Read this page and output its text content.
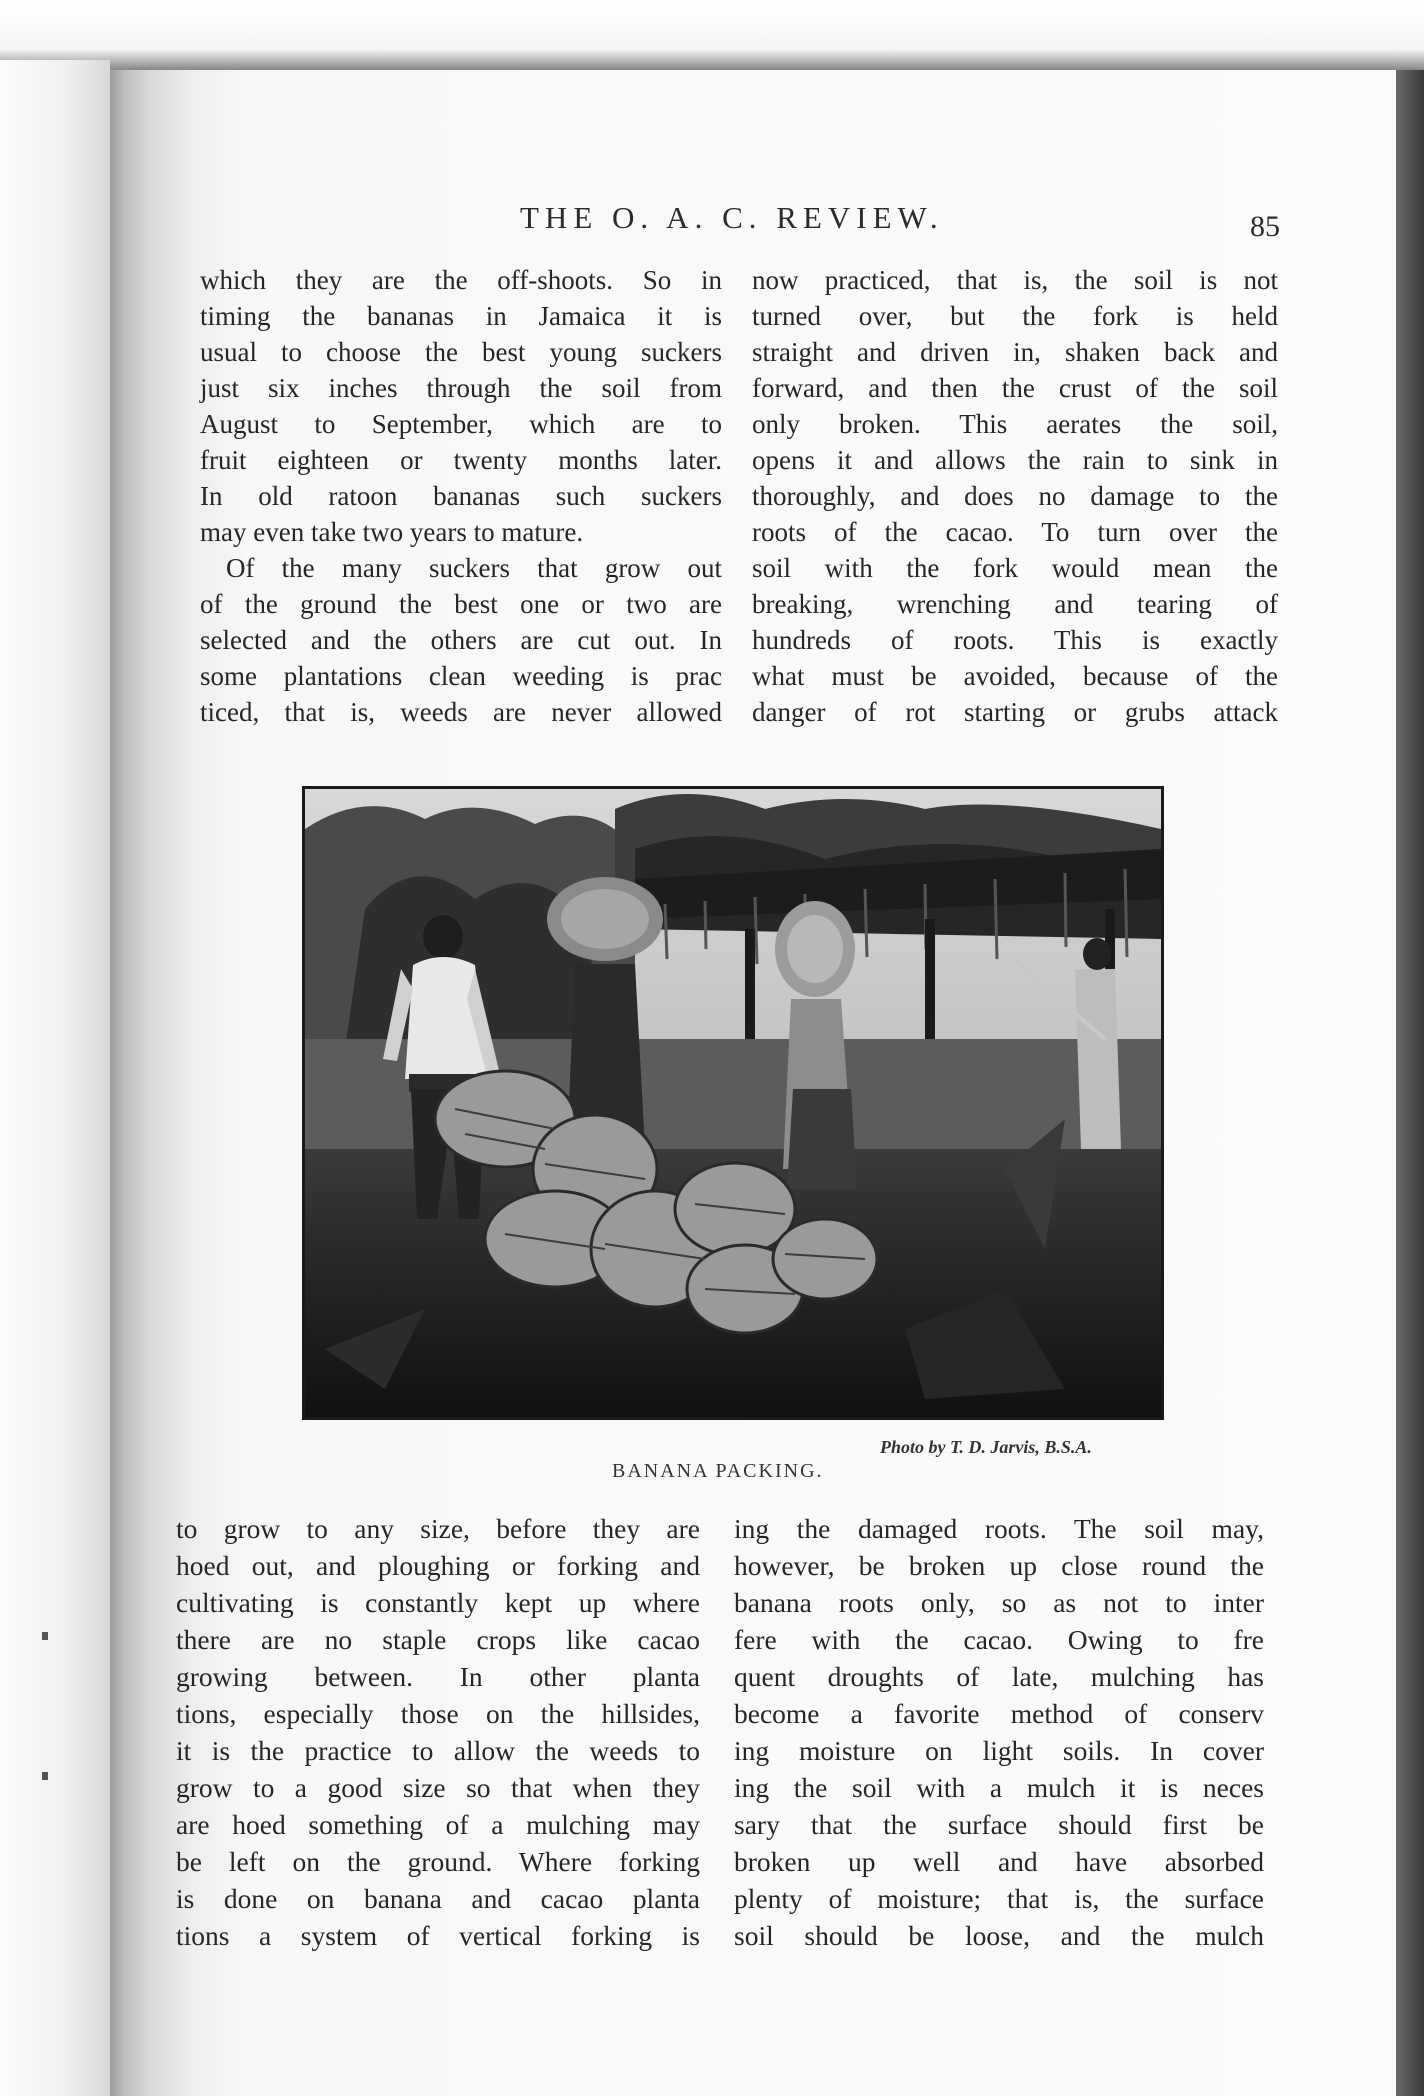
THE O. A. C. REVIEW.	85
which they are the off-shoots. So in
timing the bananas in Jamaica it is
usual to choose the best young suckers
just six inches through the soil from
August to September, which are to
fruit eighteen or twenty months later.
In old ratoon bananas such suckers
may even take two years to mature.
Of the many suckers that grow out
of the ground the best one or two are
selected and the others are cut out. In
some plantations clean weeding is prac
ticed, that is, weeds are never allowed
now practiced, that is, the soil is not
turned over, but the fork is held
straight and driven in, shaken back and
forward, and then the crust of the soil
only broken. This aerates the soil,
opens it and allows the rain to sink in
thoroughly, and does no damage to the
roots of the cacao. To turn over the
soil with the fork would mean the
breaking, wrenching and tearing of
hundreds of roots. This is exactly
what must be avoided, because of the
danger of rot starting or grubs attack
Photo by T. D. Jarvis, B.S.A.
BANANA PACKING.
to grow to any size, before they are
hoed out, and ploughing or forking and
cultivating is constantly kept up where
there are no staple crops like cacao
growing between. In other planta
tions, especially those on the hillsides,
it is the practice to allow the weeds to
grow to a good size so that when they
are hoed something of a mulching may
be left on the ground. Where forking
is done on banana and cacao planta
tions a system of vertical forking is
ing the damaged roots. The soil may,
however, be broken up close round the
banana roots only, so as not to inter
fere with the cacao. Owing to fre
quent droughts of late, mulching has
become a favorite method of conserv
ing moisture on light soils. In cover
ing the soil with a mulch it is neces
sary that the surface should first be
broken up well and have absorbed
plenty of moisture; that is, the surface
soil should be loose, and the mulch
